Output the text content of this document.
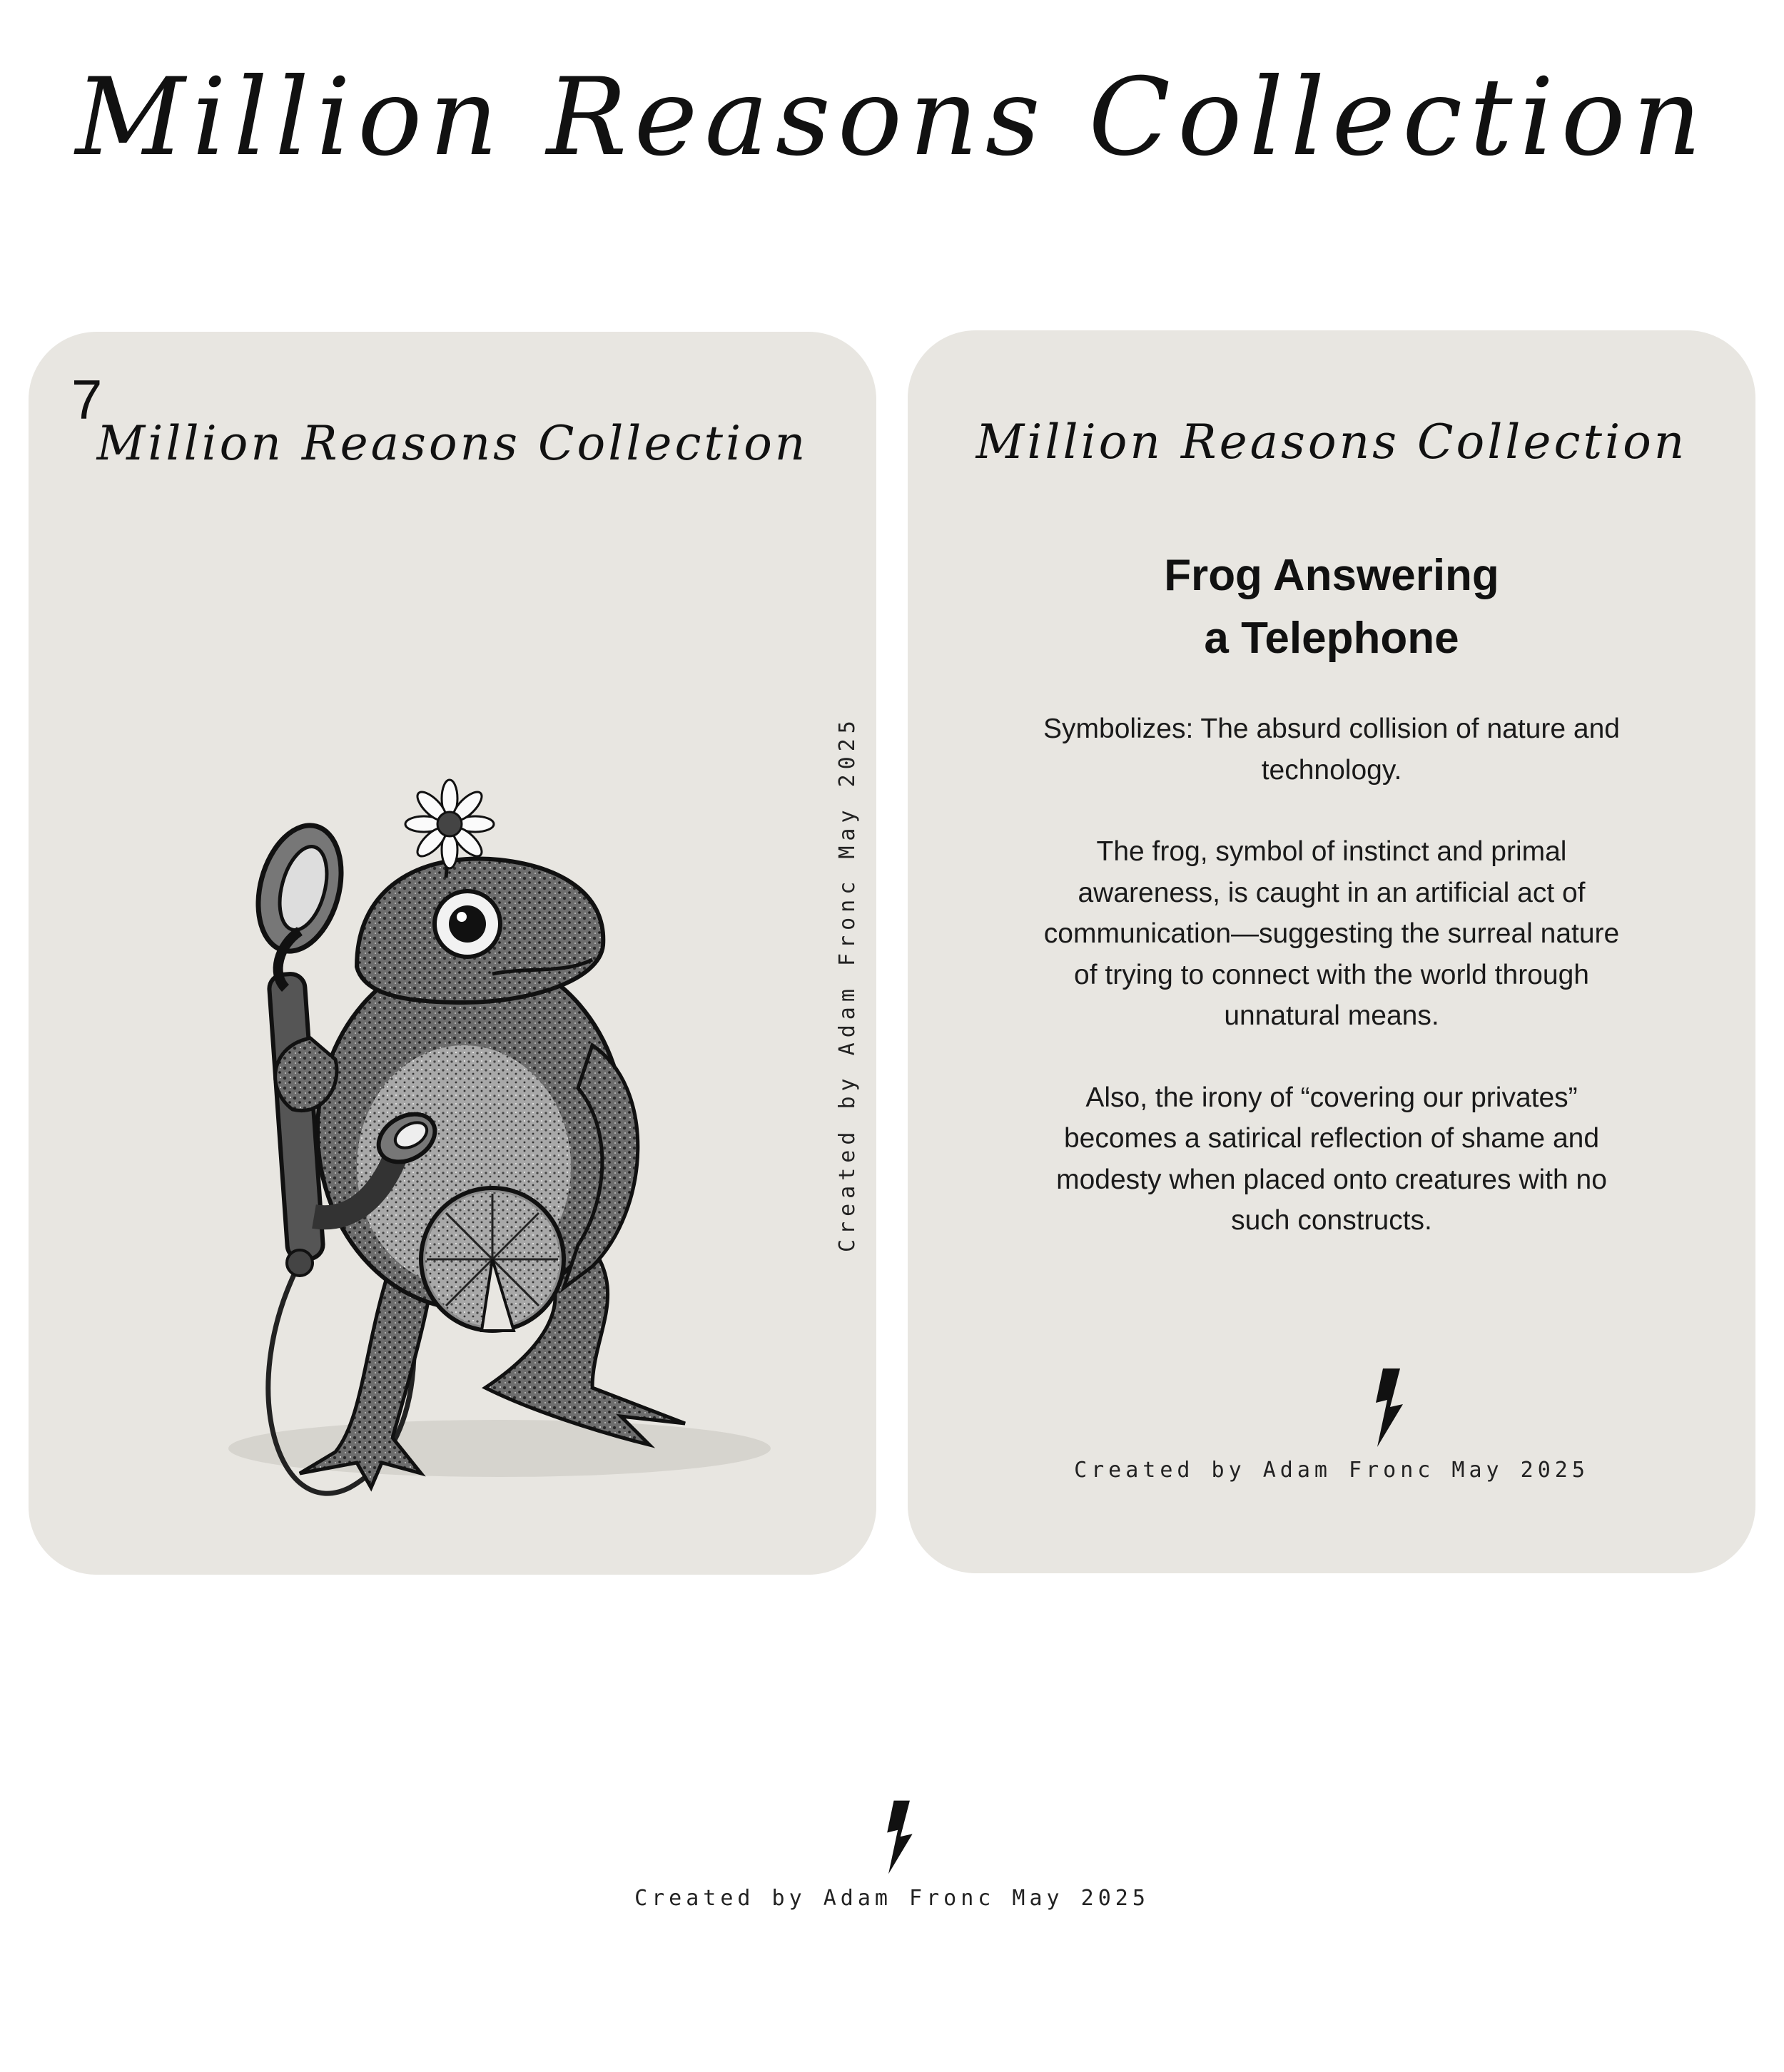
Million Reasons Collection
7
Million Reasons Collection
Created by Adam Fronc May 2025
Million Reasons Collection
Frog Answering
a Telephone

Symbolizes: The absurd collision of nature and technology.

The frog, symbol of instinct and primal awareness, is caught in an artificial act of communication—suggesting the surreal nature of trying to connect with the world through unnatural means.

Also, the irony of “covering our privates” becomes a satirical reflection of shame and modesty when placed onto creatures with no such constructs.

Created by Adam Fronc May 2025
Created by Adam Fronc May 2025
